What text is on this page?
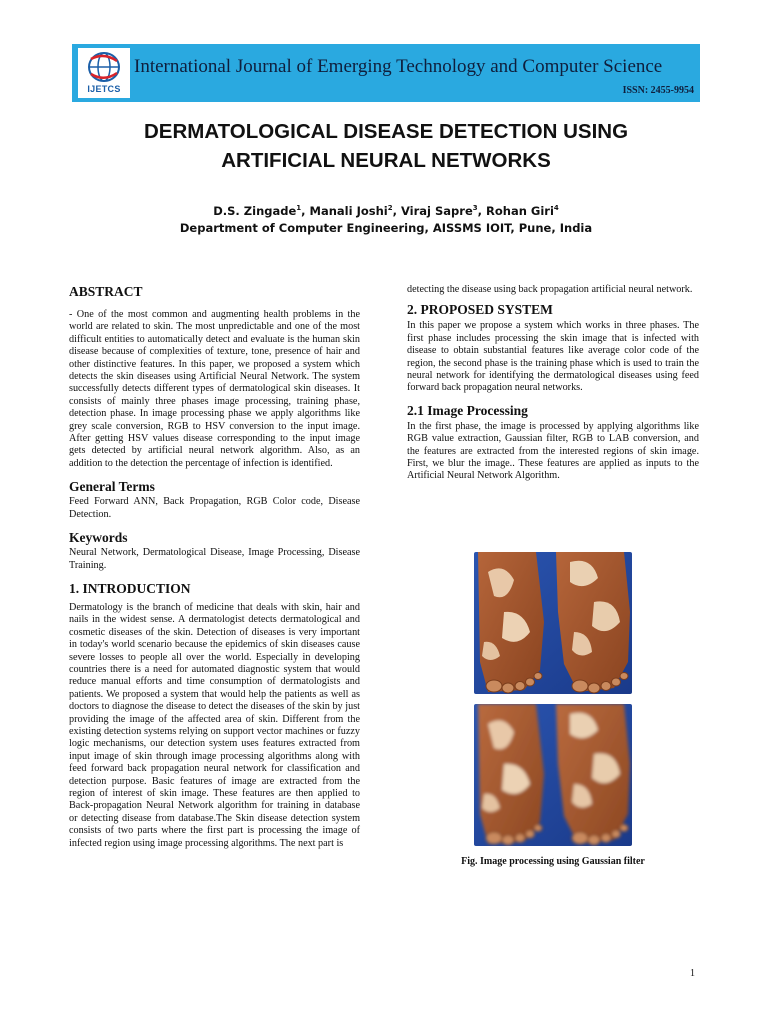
IJETCS
International Journal of Emerging Technology and Computer Science
ISSN: 2455-9954
DERMATOLOGICAL DISEASE DETECTION USING
ARTIFICIAL NEURAL NETWORKS
D.S. Zingade$^1$, Manali Joshi$^2$, Viraj Sapre$^3$, Rohan Giri$^4$
Department of Computer Engineering, AISSMS IOIT, Pune, India
ABSTRACT

- One of the most common and augmenting health problems in the world are related to skin. The most unpredictable and one of the most difficult entities to automatically detect and evaluate is the human skin disease because of complexities of texture, tone, presence of hair and other distinctive features. In this paper, we proposed a system which detects the skin diseases using Artificial Neural Network. The system successfully detects different types of dermatological skin diseases. It consists of mainly three phases image processing, training phase, detection phase. In image processing phase we apply algorithms like grey scale conversion, RGB to HSV conversion to the input image. After getting HSV values disease corresponding to the input image gets detected by artificial neural network algorithm. Also, as an addition to the detection the percentage of infection is identified.

General Terms

Feed Forward ANN, Back Propagation, RGB Color code, Disease Detection.

Keywords

Neural Network, Dermatological Disease, Image Processing, Disease Training.

1. INTRODUCTION

Dermatology is the branch of medicine that deals with skin, hair and nails in the widest sense. A dermatologist detects dermatological and cosmetic diseases of the skin. Detection of diseases is very important in today's world scenario because the epidemics of skin diseases cause severe losses to people all over the world. Especially in developing countries there is a need for automated diagnostic system that would reduce manual efforts and time consumption of dermatologists and patients. We proposed a system that would help the patients as well as doctors to diagnose the disease to detect the diseases of the skin by just providing the image of the affected area of skin. Different from the existing detection systems relying on support vector machines or fuzzy logic mechanisms, our detection system uses features extracted from input image of skin through image processing algorithms along with feed forward back propagation neural network for classification and detection purpose. Basic features of image are extracted from the region of interest of skin image. These features are then applied to Back-propagation Neural Network algorithm for training in database or detecting disease from database.The Skin disease detection system consists of two parts where the first part is processing the image of infected region using image processing algorithms. The next part is

detecting the disease using back propagation artificial neural network.

2. PROPOSED SYSTEM

In this paper we propose a system which works in three phases. The first phase includes processing the skin image that is infected with disease to obtain substantial features like average color code of the region, the second phase is the training phase which is used to train the neural network for identifying the dermatological diseases using feed forward back propagation neural networks.

2.1 Image Processing

In the first phase, the image is processed by applying algorithms like RGB value extraction, Gaussian filter, RGB to LAB conversion, and the features are extracted from the interested regions of skin image. First, we blur the image.. These features are applied as inputs to the Artificial Neural Network Algorithm.

Fig. Image processing using Gaussian filter
1
